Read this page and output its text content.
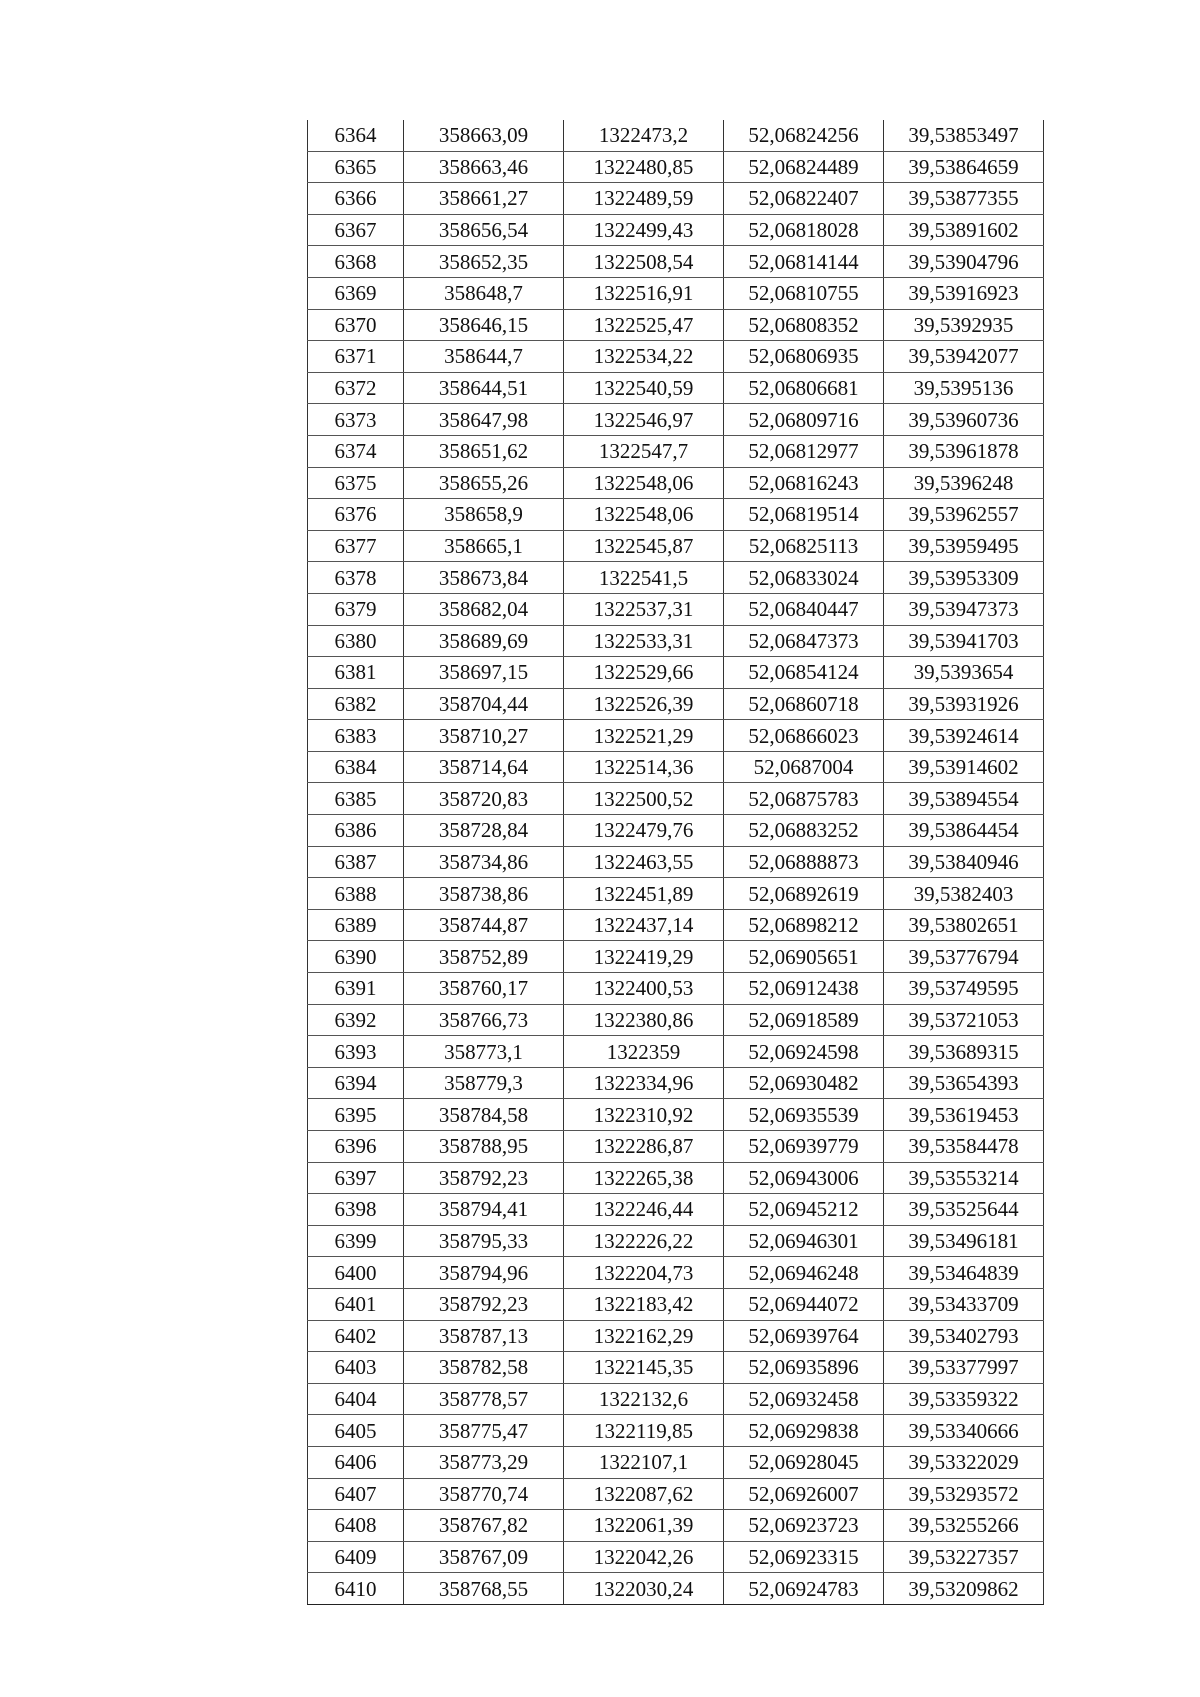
6364	358663,09	1322473,2	52,06824256	39,53853497
6365	358663,46	1322480,85	52,06824489	39,53864659
6366	358661,27	1322489,59	52,06822407	39,53877355
6367	358656,54	1322499,43	52,06818028	39,53891602
6368	358652,35	1322508,54	52,06814144	39,53904796
6369	358648,7	1322516,91	52,06810755	39,53916923
6370	358646,15	1322525,47	52,06808352	39,5392935
6371	358644,7	1322534,22	52,06806935	39,53942077
6372	358644,51	1322540,59	52,06806681	39,5395136
6373	358647,98	1322546,97	52,06809716	39,53960736
6374	358651,62	1322547,7	52,06812977	39,53961878
6375	358655,26	1322548,06	52,06816243	39,5396248
6376	358658,9	1322548,06	52,06819514	39,53962557
6377	358665,1	1322545,87	52,06825113	39,53959495
6378	358673,84	1322541,5	52,06833024	39,53953309
6379	358682,04	1322537,31	52,06840447	39,53947373
6380	358689,69	1322533,31	52,06847373	39,53941703
6381	358697,15	1322529,66	52,06854124	39,5393654
6382	358704,44	1322526,39	52,06860718	39,53931926
6383	358710,27	1322521,29	52,06866023	39,53924614
6384	358714,64	1322514,36	52,0687004	39,53914602
6385	358720,83	1322500,52	52,06875783	39,53894554
6386	358728,84	1322479,76	52,06883252	39,53864454
6387	358734,86	1322463,55	52,06888873	39,53840946
6388	358738,86	1322451,89	52,06892619	39,5382403
6389	358744,87	1322437,14	52,06898212	39,53802651
6390	358752,89	1322419,29	52,06905651	39,53776794
6391	358760,17	1322400,53	52,06912438	39,53749595
6392	358766,73	1322380,86	52,06918589	39,53721053
6393	358773,1	1322359	52,06924598	39,53689315
6394	358779,3	1322334,96	52,06930482	39,53654393
6395	358784,58	1322310,92	52,06935539	39,53619453
6396	358788,95	1322286,87	52,06939779	39,53584478
6397	358792,23	1322265,38	52,06943006	39,53553214
6398	358794,41	1322246,44	52,06945212	39,53525644
6399	358795,33	1322226,22	52,06946301	39,53496181
6400	358794,96	1322204,73	52,06946248	39,53464839
6401	358792,23	1322183,42	52,06944072	39,53433709
6402	358787,13	1322162,29	52,06939764	39,53402793
6403	358782,58	1322145,35	52,06935896	39,53377997
6404	358778,57	1322132,6	52,06932458	39,53359322
6405	358775,47	1322119,85	52,06929838	39,53340666
6406	358773,29	1322107,1	52,06928045	39,53322029
6407	358770,74	1322087,62	52,06926007	39,53293572
6408	358767,82	1322061,39	52,06923723	39,53255266
6409	358767,09	1322042,26	52,06923315	39,53227357
6410	358768,55	1322030,24	52,06924783	39,53209862
